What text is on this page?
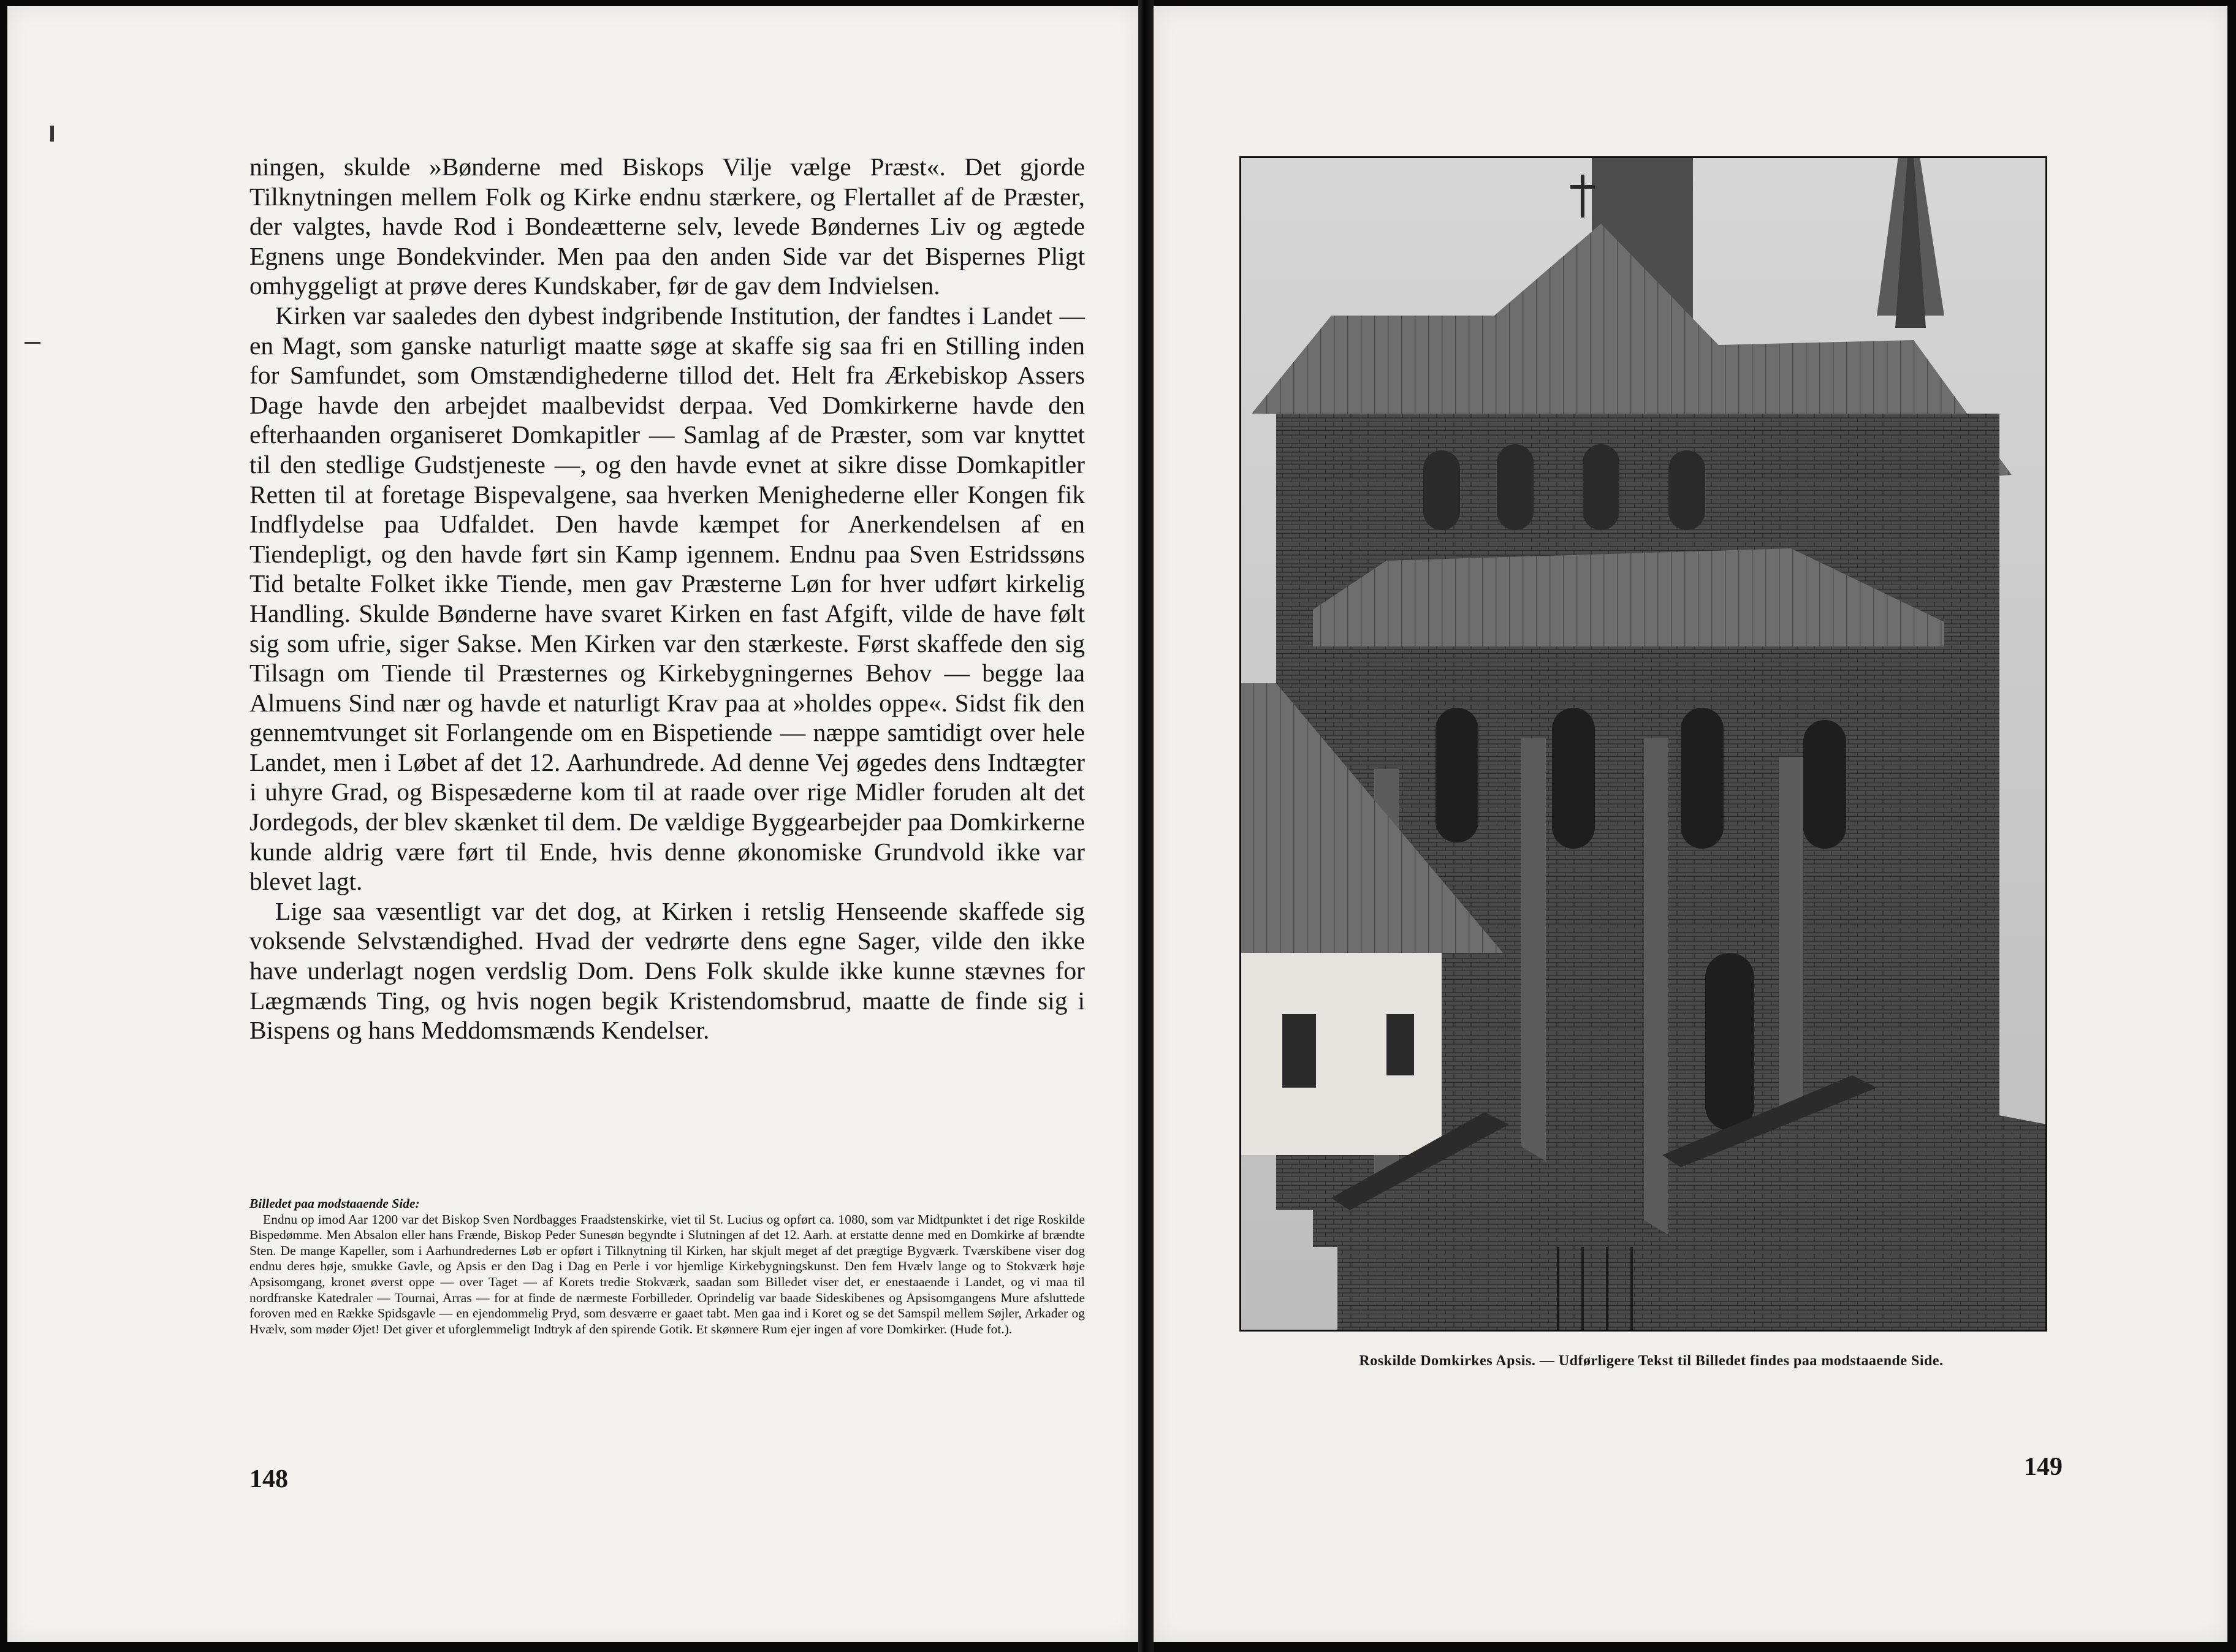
ningen, skulde »Bønderne med Biskops Vilje vælge Præst«. Det gjorde Tilknytningen mellem Folk og Kirke endnu stærkere, og Flertallet af de Præster, der valgtes, havde Rod i Bondeætterne selv, levede Bøndernes Liv og ægtede Egnens unge Bondekvinder. Men paa den anden Side var det Bispernes Pligt omhyggeligt at prøve deres Kundskaber, før de gav dem Indvielsen.

Kirken var saaledes den dybest indgribende Institution, der fandtes i Landet — en Magt, som ganske naturligt maatte søge at skaffe sig saa fri en Stilling inden for Samfundet, som Omstændighederne tillod det. Helt fra Ærkebiskop Assers Dage havde den arbejdet maalbevidst derpaa. Ved Domkirkerne havde den efterhaanden organiseret Domkapitler — Samlag af de Præster, som var knyttet til den stedlige Gudstjeneste —, og den havde evnet at sikre disse Domkapitler Retten til at foretage Bispevalgene, saa hverken Menighederne eller Kongen fik Indflydelse paa Udfaldet. Den havde kæmpet for Anerkendelsen af en Tiendepligt, og den havde ført sin Kamp igennem. Endnu paa Sven Estridssøns Tid betalte Folket ikke Tiende, men gav Præsterne Løn for hver udført kirkelig Handling. Skulde Bønderne have svaret Kirken en fast Afgift, vilde de have følt sig som ufrie, siger Sakse. Men Kirken var den stærkeste. Først skaffede den sig Tilsagn om Tiende til Præsternes og Kirkebygningernes Behov — begge laa Almuens Sind nær og havde et naturligt Krav paa at »holdes oppe«. Sidst fik den gennemtvunget sit Forlangende om en Bispetiende — næppe samtidigt over hele Landet, men i Løbet af det 12. Aarhundrede. Ad denne Vej øgedes dens Indtægter i uhyre Grad, og Bispesæderne kom til at raade over rige Midler foruden alt det Jordegods, der blev skænket til dem. De vældige Byggearbejder paa Domkirkerne kunde aldrig være ført til Ende, hvis denne økonomiske Grundvold ikke var blevet lagt.

Lige saa væsentligt var det dog, at Kirken i retslig Henseende skaffede sig voksende Selvstændighed. Hvad der vedrørte dens egne Sager, vilde den ikke have underlagt nogen verdslig Dom. Dens Folk skulde ikke kunne stævnes for Lægmænds Ting, og hvis nogen begik Kristendomsbrud, maatte de finde sig i Bispens og hans Meddomsmænds Kendelser.

Billedet paa modstaaende Side:

Endnu op imod Aar 1200 var det Biskop Sven Nordbagges Fraadstenskirke, viet til St. Lucius og opført ca. 1080, som var Midtpunktet i det rige Roskilde Bispedømme. Men Absalon eller hans Frænde, Biskop Peder Sunesøn begyndte i Slutningen af det 12. Aarh. at erstatte denne med en Domkirke af brændte Sten. De mange Kapeller, som i Aarhundredernes Løb er opført i Tilknytning til Kirken, har skjult meget af det prægtige Bygværk. Tværskibene viser dog endnu deres høje, smukke Gavle, og Apsis er den Dag i Dag en Perle i vor hjemlige Kirkebygningskunst. Den fem Hvælv lange og to Stokværk høje Apsisomgang, kronet øverst oppe — over Taget — af Korets tredie Stokværk, saadan som Billedet viser det, er enestaaende i Landet, og vi maa til nordfranske Katedraler — Tournai, Arras — for at finde de nærmeste Forbilleder. Oprindelig var baade Sideskibenes og Apsisomgangens Mure afsluttede foroven med en Række Spidsgavle — en ejendommelig Pryd, som desværre er gaaet tabt. Men gaa ind i Koret og se det Samspil mellem Søjler, Arkader og Hvælv, som møder Øjet! Det giver et uforglemmeligt Indtryk af den spirende Gotik. Et skønnere Rum ejer ingen af vore Domkirker. (Hude fot.).

148
Roskilde Domkirkes Apsis. — Udførligere Tekst til Billedet findes paa modstaaende Side.
149
